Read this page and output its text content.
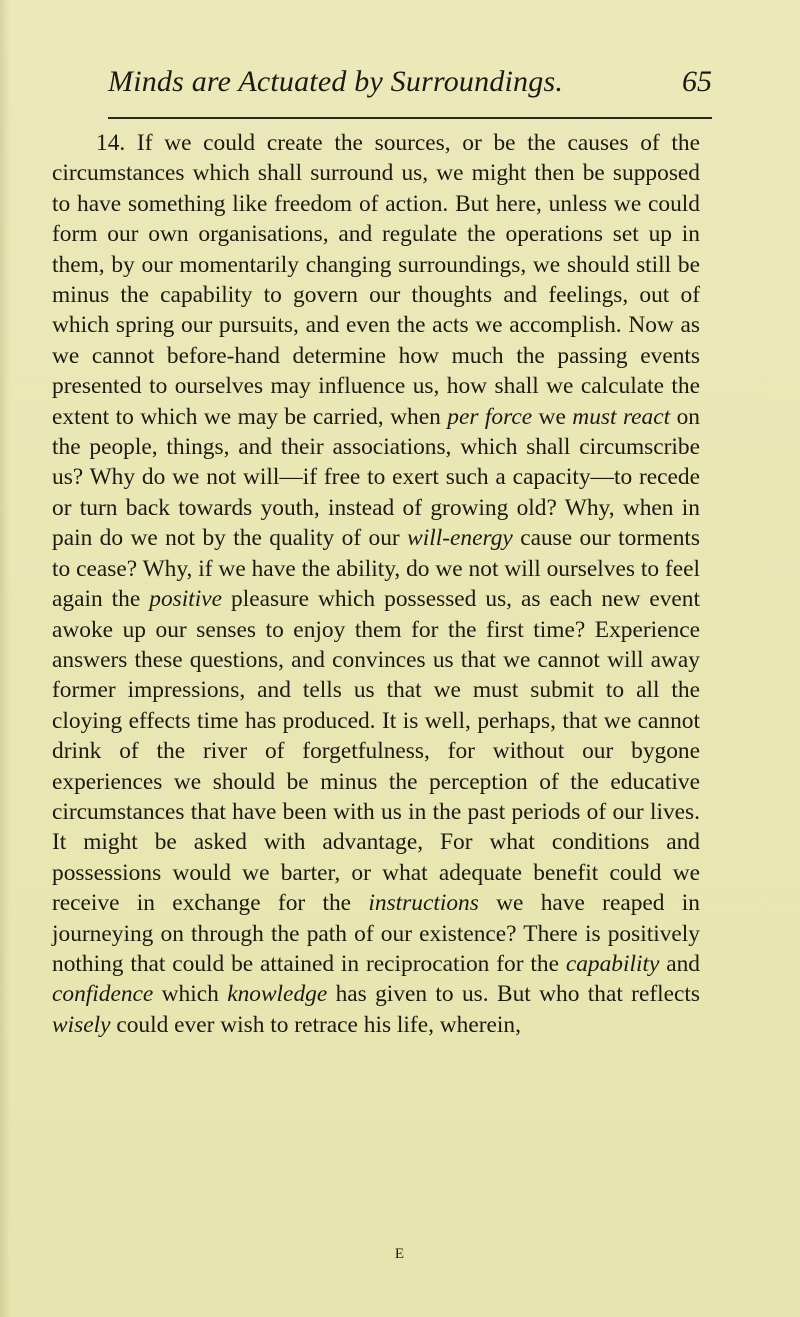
Minds are Actuated by Surroundings.	65

14. If we could create the sources, or be the causes of the circumstances which shall surround us, we might then be supposed to have something like freedom of action. But here, unless we could form our own organisations, and regulate the operations set up in them, by our momentarily changing surroundings, we should still be minus the capability to govern our thoughts and feelings, out of which spring our pursuits, and even the acts we accomplish. Now as we cannot before-hand determine how much the passing events presented to ourselves may influence us, how shall we calculate the extent to which we may be carried, when per force we must react on the people, things, and their associations, which shall circumscribe us? Why do we not will—if free to exert such a capacity—to recede or turn back towards youth, instead of growing old? Why, when in pain do we not by the quality of our will-energy cause our torments to cease? Why, if we have the ability, do we not will ourselves to feel again the positive pleasure which possessed us, as each new event awoke up our senses to enjoy them for the first time? Experience answers these questions, and convinces us that we cannot will away former impressions, and tells us that we must submit to all the cloying effects time has produced. It is well, perhaps, that we cannot drink of the river of forgetfulness, for without our bygone experiences we should be minus the perception of the educative circumstances that have been with us in the past periods of our lives. It might be asked with advantage, For what conditions and possessions would we barter, or what adequate benefit could we receive in exchange for the instructions we have reaped in journeying on through the path of our existence? There is positively nothing that could be attained in reciprocation for the capability and confidence which knowledge has given to us. But who that reflects wisely could ever wish to retrace his life, wherein,

E
